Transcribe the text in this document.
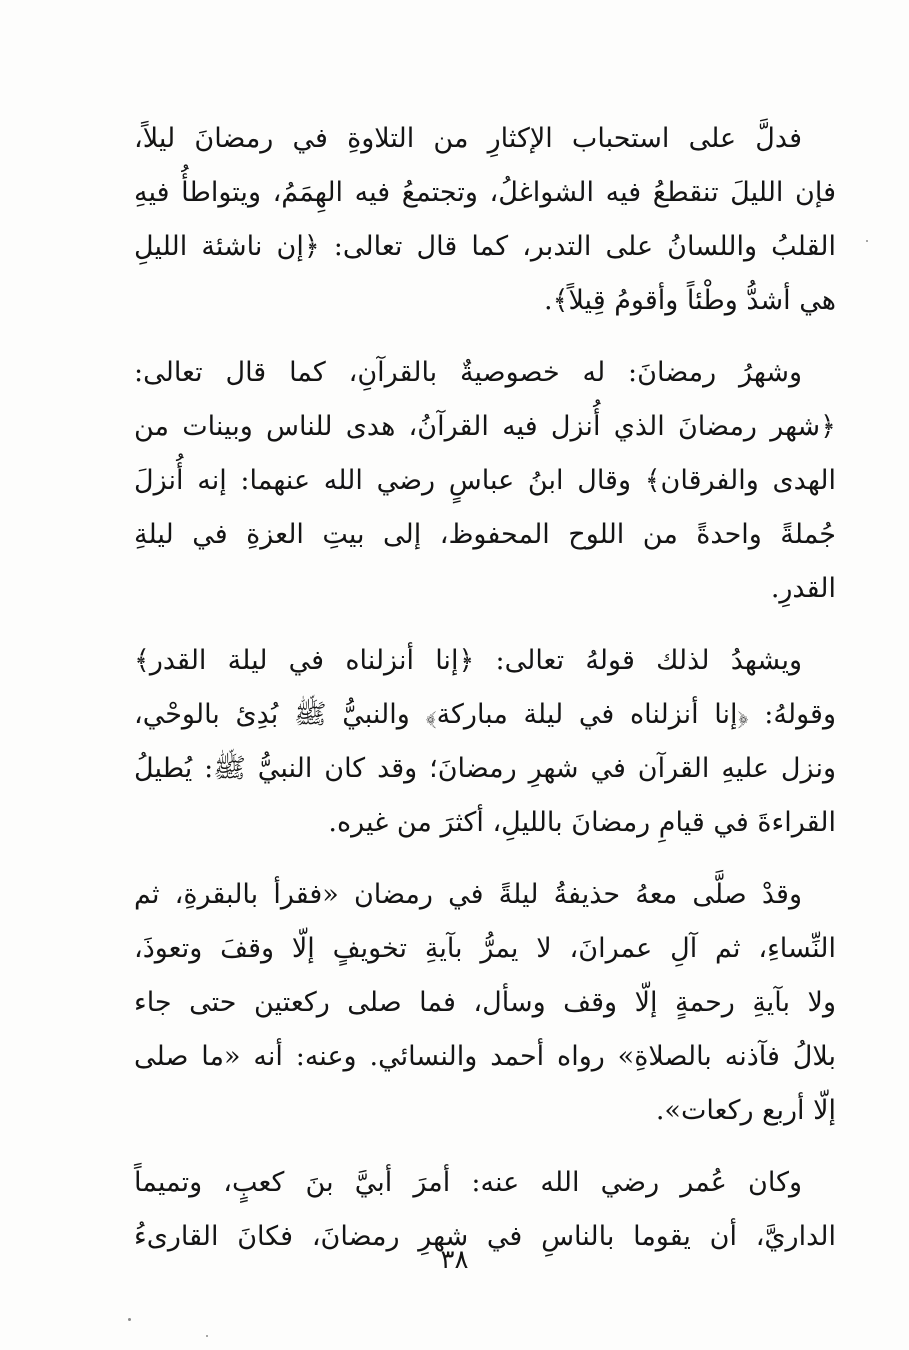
فدلَّ على استحباب الإكثارِ من التلاوةِ في رمضانَ ليلاً،
فإن الليلَ تنقطعُ فيه الشواغلُ، وتجتمعُ فيه الهِمَمُ، ويتواطأُ فيهِ
القلبُ واللسانُ على التدبر، كما قال تعالى: ﴿إن ناشئة الليلِ
هي أشدُّ وطْئاً وأقومُ قِيلاً﴾.
وشهرُ رمضانَ: له خصوصيةٌ بالقرآنِ، كما قال تعالى:
﴿شهر رمضانَ الذي أُنزل فيه القرآنُ، هدى للناس وبينات من
الهدى والفرقان﴾ وقال ابنُ عباسٍ رضي الله عنهما: إنه أُنزلَ
جُملةً واحدةً من اللوح المحفوظ، إلى بيتِ العزةِ في ليلةِ
القدرِ.
ويشهدُ لذلك قولهُ تعالى: ﴿إنا أنزلناه في ليلة القدر﴾
وقولهُ: ﴿إنا أنزلناه في ليلة مباركة﴾ والنبيُّ ﷺ بُدِئ بالوحْي،
ونزل عليهِ القرآن في شهرِ رمضانَ؛ وقد كان النبيُّ ﷺ: يُطيلُ
القراءةَ في قيامِ رمضانَ بالليلِ، أكثرَ من غيره.
وقدْ صلَّى معهُ حذيفةُ ليلةً في رمضان «فقرأ بالبقرةِ، ثم
النِّساءِ، ثم آلِ عمرانَ، لا يمرُّ بآيةِ تخويفٍ إلّا وقفَ وتعوذَ،
ولا بآيةِ رحمةٍ إلّا وقف وسأل، فما صلى ركعتين حتى جاء
بلالُ فآذنه بالصلاةِ» رواه أحمد والنسائي. وعنه: أنه «ما صلى
إلّا أربع ركعات».
وكان عُمر رضي الله عنه: أمرَ أبيَّ بنَ كعبٍ، وتميماً
الداريَّ، أن يقوما بالناسِ في شهرِ رمضانَ، فكانَ القارىءُ
٣٨
